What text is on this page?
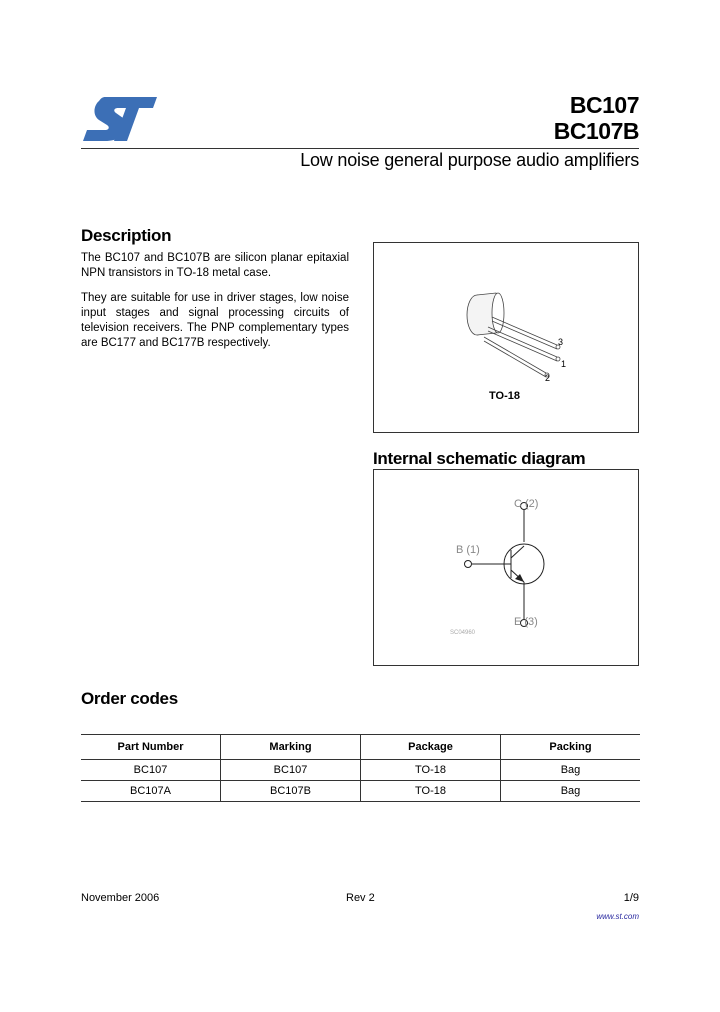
BC107
BC107B
Low noise general purpose audio amplifiers
Description
The BC107 and BC107B are silicon planar epitaxial NPN transistors in TO-18 metal case.
They are suitable for use in driver stages, low noise input stages and signal processing circuits of television receivers. The PNP complementary types are BC177 and BC177B respectively.	3
1
2
TO-18
Internal schematic diagram
C (2)
B (1)
E (3)
SC04960
Order codes
Part Number	Marking	Package	Packing
BC107	BC107	TO-18	Bag
BC107A	BC107B	TO-18	Bag
November 2006	Rev 2	1/9
www.st.com
